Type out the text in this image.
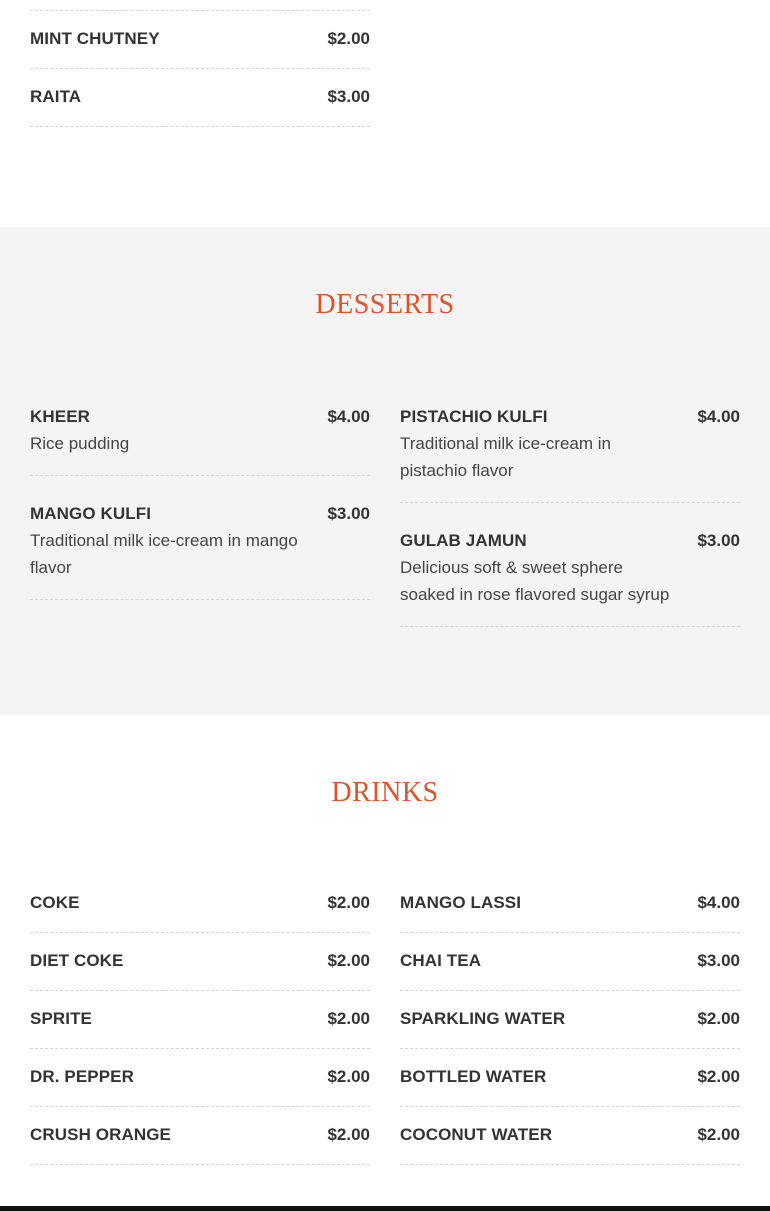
MINT CHUTNEY	$2.00
RAITA	$3.00
DESSERTS
KHEER	$4.00
Rice pudding
MANGO KULFI	$3.00
Traditional milk ice-cream in mango flavor
PISTACHIO KULFI	$4.00
Traditional milk ice-cream in pistachio flavor
GULAB JAMUN	$3.00
Delicious soft & sweet sphere soaked in rose flavored sugar syrup
DRINKS
COKE	$2.00
DIET COKE	$2.00
SPRITE	$2.00
DR. PEPPER	$2.00
CRUSH ORANGE	$2.00
MANGO LASSI	$4.00
CHAI TEA	$3.00
SPARKLING WATER	$2.00
BOTTLED WATER	$2.00
COCONUT WATER	$2.00
